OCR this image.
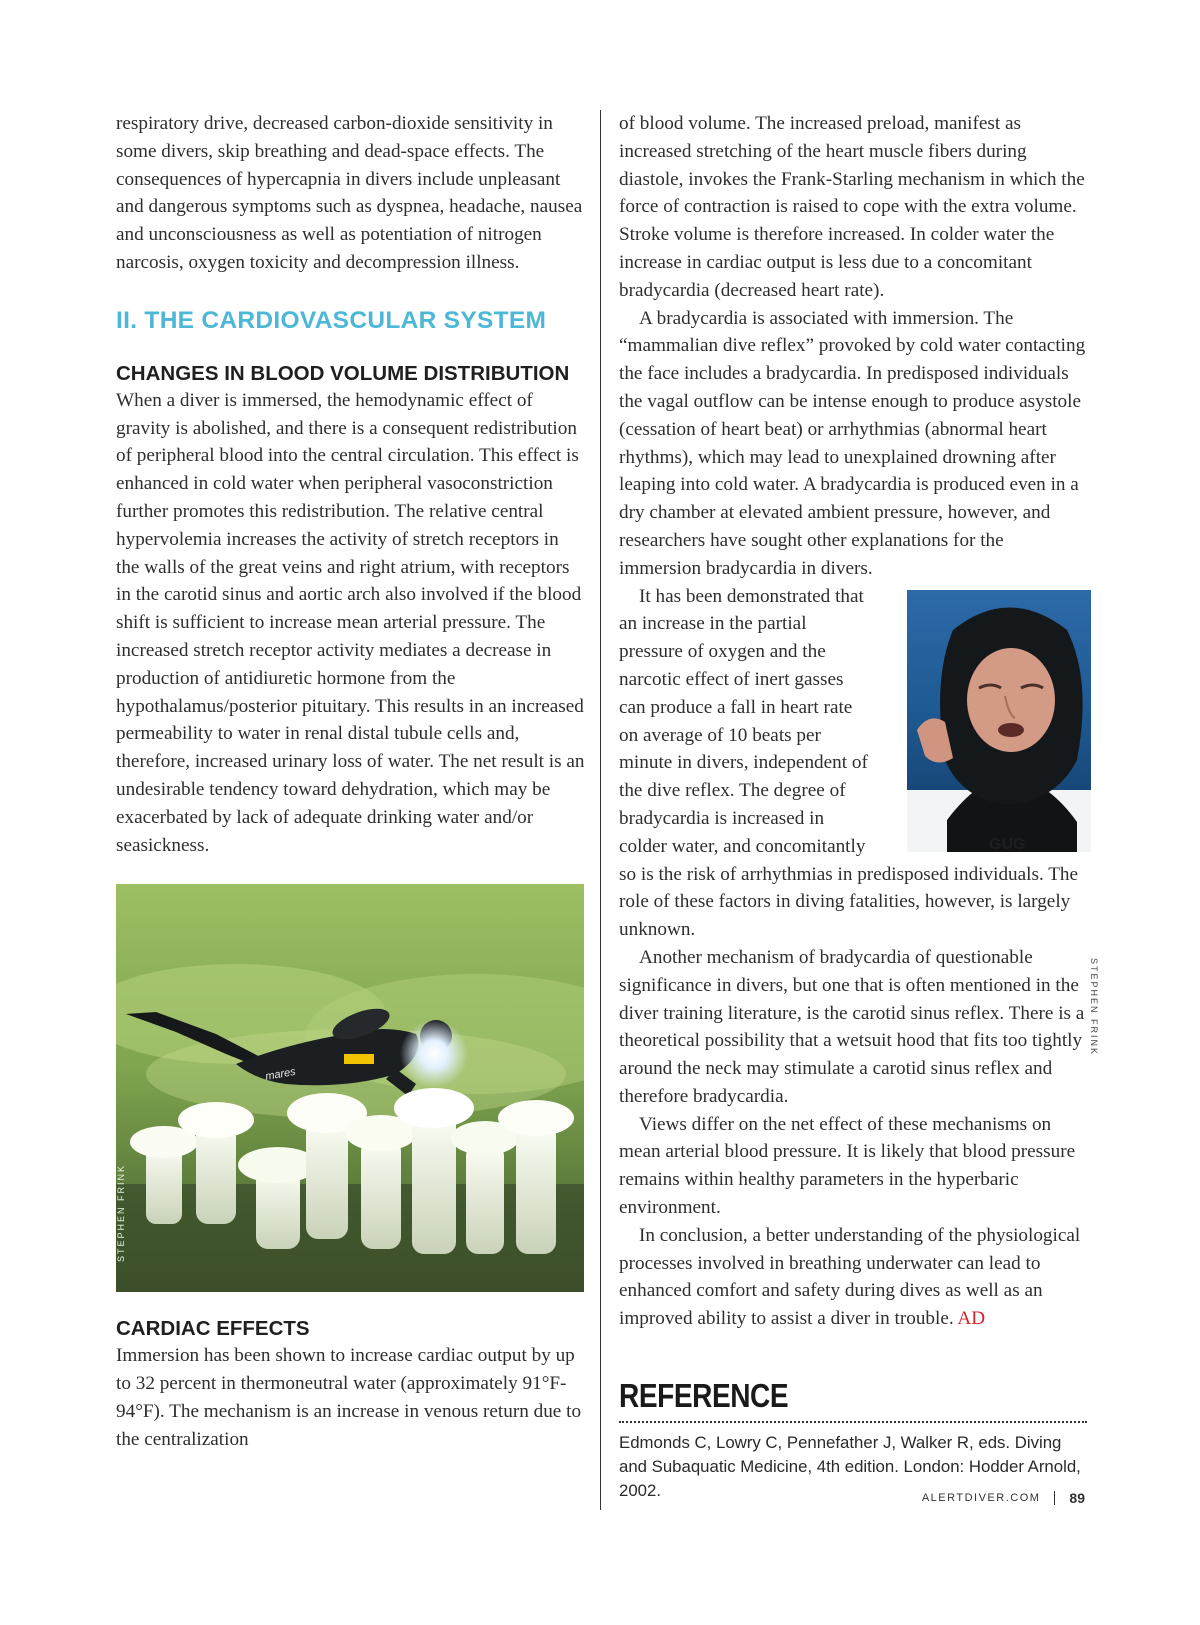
respiratory drive, decreased carbon-dioxide sensitivity in some divers, skip breathing and dead-space effects. The consequences of hypercapnia in divers include unpleasant and dangerous symptoms such as dyspnea, headache, nausea and unconsciousness as well as potentiation of nitrogen narcosis, oxygen toxicity and decompression illness.

II. THE CARDIOVASCULAR SYSTEM
CHANGES IN BLOOD VOLUME DISTRIBUTION

When a diver is immersed, the hemodynamic effect of gravity is abolished, and there is a consequent redistribution of peripheral blood into the central circulation. This effect is enhanced in cold water when peripheral vasoconstriction further promotes this redistribution. The relative central hypervolemia increases the activity of stretch receptors in the walls of the great veins and right atrium, with receptors in the carotid sinus and aortic arch also involved if the blood shift is sufficient to increase mean arterial pressure. The increased stretch receptor activity mediates a decrease in production of antidiuretic hormone from the hypothalamus/posterior pituitary. This results in an increased permeability to water in renal distal tubule cells and, therefore, increased urinary loss of water. The net result is an undesirable tendency toward dehydration, which may be exacerbated by lack of adequate drinking water and/or seasickness.

mares
CARDIAC EFFECTS

Immersion has been shown to increase cardiac output by up to 32 percent in thermoneutral water (approximately 91°F-94°F). The mechanism is an increase in venous return due to the centralization

STEPHEN FRINK

of blood volume. The increased preload, manifest as increased stretching of the heart muscle fibers during diastole, invokes the Frank-Starling mechanism in which the force of contraction is raised to cope with the extra volume. Stroke volume is therefore increased. In colder water the increase in cardiac output is less due to a concomitant bradycardia (decreased heart rate).

A bradycardia is associated with immersion. The “mammalian dive reflex” provoked by cold water contacting the face includes a bradycardia. In predisposed individuals the vagal outflow can be intense enough to produce asystole (cessation of heart beat) or arrhythmias (abnormal heart rhythms), which may lead to unexplained drowning after leaping into cold water. A bradycardia is produced even in a dry chamber at elevated ambient pressure, however, and researchers have sought other explanations for the immersion bradycardia in divers.

GUG
It has been demonstrated that an increase in the partial pressure of oxygen and the narcotic effect of inert gasses can produce a fall in heart rate on average of 10 beats per minute in divers, independent of the dive reflex. The degree of bradycardia is increased in colder water, and concomitantly so is the risk of arrhythmias in predisposed individuals. The role of these factors in diving fatalities, however, is largely unknown.

Another mechanism of bradycardia of questionable significance in divers, but one that is often mentioned in the diver training literature, is the carotid sinus reflex. There is a theoretical possibility that a wetsuit hood that fits too tightly around the neck may stimulate a carotid sinus reflex and therefore bradycardia.

Views differ on the net effect of these mechanisms on mean arterial blood pressure. It is likely that blood pressure remains within healthy parameters in the hyperbaric environment.

In conclusion, a better understanding of the physiological processes involved in breathing underwater can lead to enhanced comfort and safety during dives as well as an improved ability to assist a diver in trouble. AD

REFERENCE

Edmonds C, Lowry C, Pennefather J, Walker R, eds. Diving and Subaquatic Medicine, 4th edition. London: Hodder Arnold, 2002.

STEPHEN FRINK
ALERTDIVER.COM 89
